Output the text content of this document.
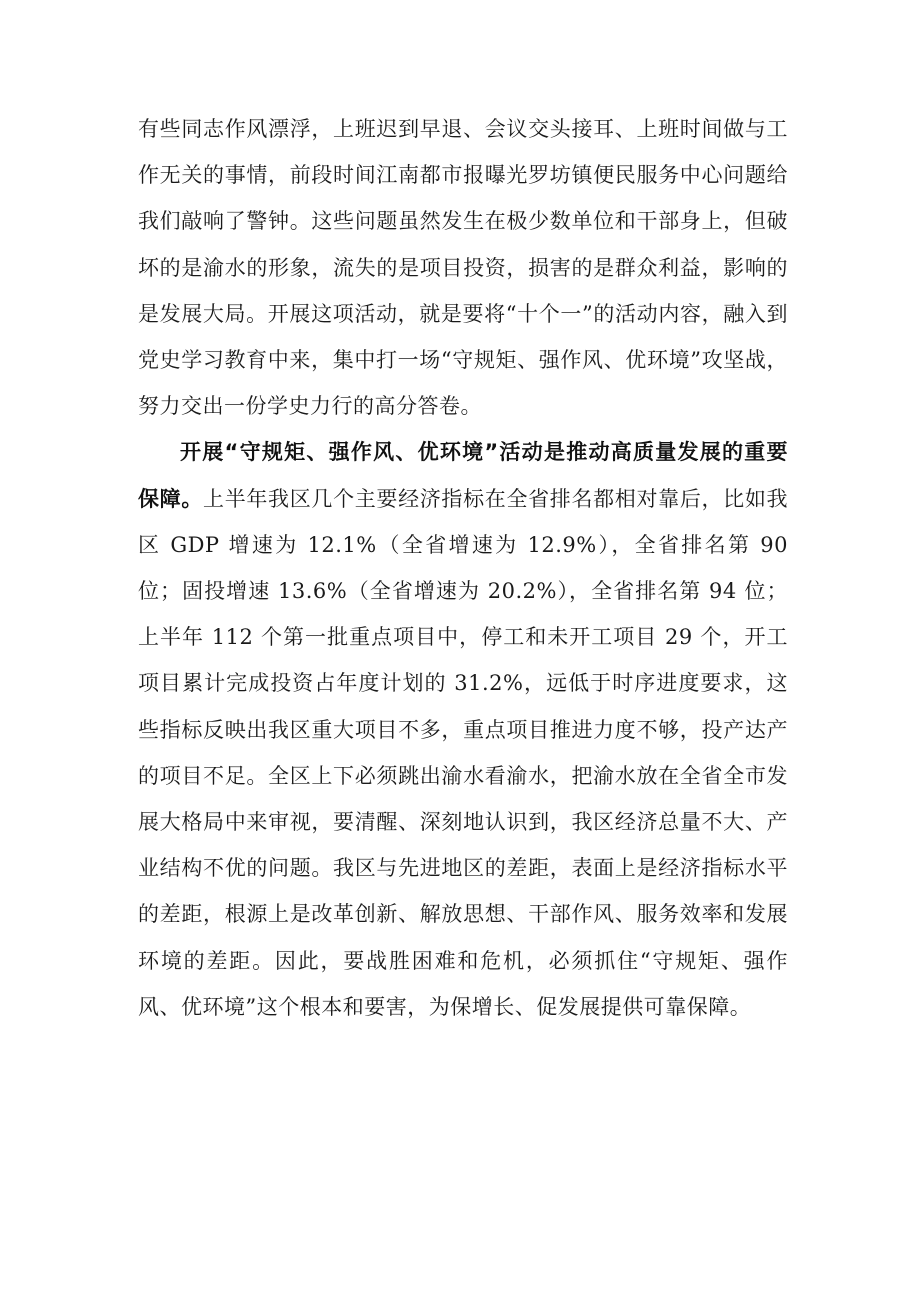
有些同志作风漂浮，上班迟到早退、会议交头接耳、上班时间做与工作无关的事情，前段时间江南都市报曝光罗坊镇便民服务中心问题给我们敲响了警钟。这些问题虽然发生在极少数单位和干部身上，但破坏的是渝水的形象，流失的是项目投资，损害的是群众利益，影响的是发展大局。开展这项活动，就是要将“十个一”的活动内容，融入到党史学习教育中来，集中打一场“守规矩、强作风、优环境”攻坚战，努力交出一份学史力行的高分答卷。

开展“守规矩、强作风、优环境”活动是推动高质量发展的重要保障。上半年我区几个主要经济指标在全省排名都相对靠后，比如我区 GDP 增速为 12.1%（全省增速为 12.9%），全省排名第 90 位；固投增速 13.6%（全省增速为 20.2%），全省排名第 94 位；上半年 112 个第一批重点项目中，停工和未开工项目 29 个，开工项目累计完成投资占年度计划的 31.2%，远低于时序进度要求，这些指标反映出我区重大项目不多，重点项目推进力度不够，投产达产的项目不足。全区上下必须跳出渝水看渝水，把渝水放在全省全市发展大格局中来审视，要清醒、深刻地认识到，我区经济总量不大、产业结构不优的问题。我区与先进地区的差距，表面上是经济指标水平的差距，根源上是改革创新、解放思想、干部作风、服务效率和发展环境的差距。因此，要战胜困难和危机，必须抓住“守规矩、强作风、优环境”这个根本和要害，为保增长、促发展提供可靠保障。
